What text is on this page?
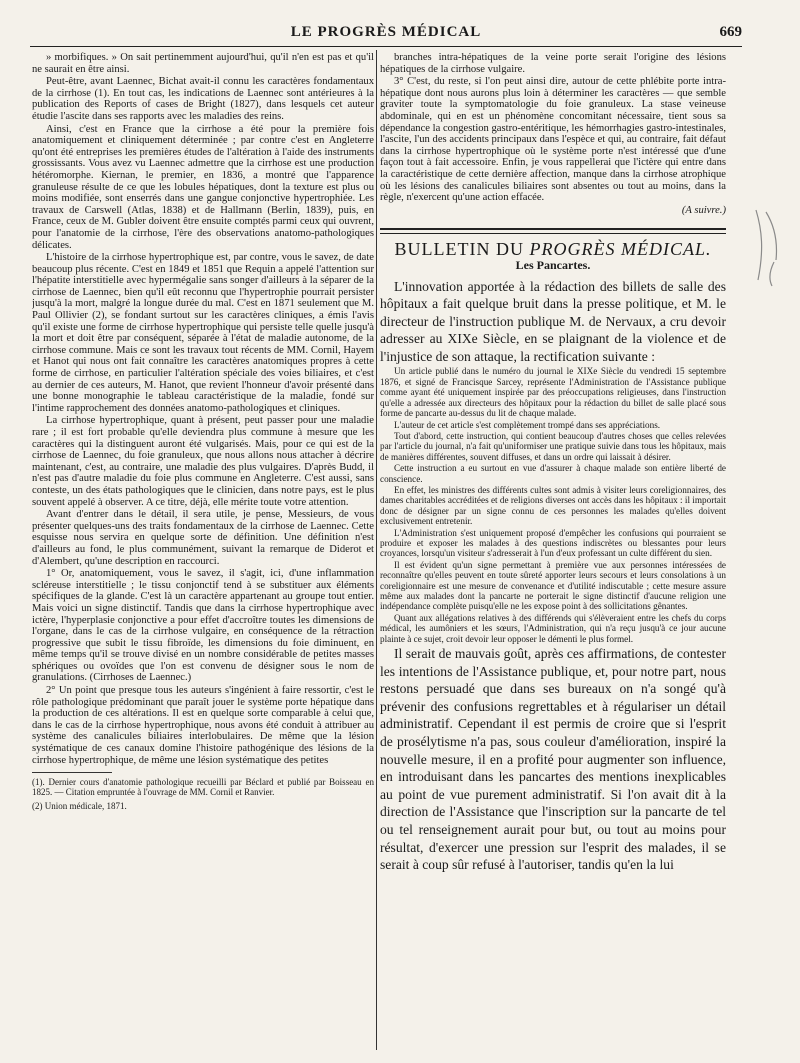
LE PROGRÈS MÉDICAL	669

» morbifiques. » On sait pertinemment aujourd'hui, qu'il n'en est pas et qu'il ne saurait en être ainsi.

Peut-être, avant Laennec, Bichat avait-il connu les caractères fondamentaux de la cirrhose (1). En tout cas, les indications de Laennec sont antérieures à la publication des Reports of cases de Bright (1827), dans lesquels cet auteur étudie l'ascite dans ses rapports avec les maladies des reins.

Ainsi, c'est en France que la cirrhose a été pour la première fois anatomiquement et cliniquement déterminée ; par contre c'est en Angleterre qu'ont été entreprises les premières études de l'altération à l'aide des instruments grossissants. Vous avez vu Laennec admettre que la cirrhose est une production hétéromorphe. Kiernan, le premier, en 1836, a montré que l'apparence granuleuse résulte de ce que les lobules hépatiques, dont la texture est plus ou moins modifiée, sont enserrés dans une gangue conjonctive hypertrophiée. Les travaux de Carswell (Atlas, 1838) et de Hallmann (Berlin, 1839), puis, en France, ceux de M. Gubler doivent être ensuite comptés parmi ceux qui ouvrent, pour l'anatomie de la cirrhose, l'ère des observations anatomo-pathologiques délicates.

L'histoire de la cirrhose hypertrophique est, par contre, vous le savez, de date beaucoup plus récente. C'est en 1849 et 1851 que Requin a appelé l'attention sur l'hépatite interstitielle avec hypermégalie sans songer d'ailleurs à la séparer de la cirrhose de Laennec, bien qu'il eût reconnu que l'hypertrophie pourrait persister jusqu'à la mort, malgré la longue durée du mal. C'est en 1871 seulement que M. Paul Ollivier (2), se fondant surtout sur les caractères cliniques, a émis l'avis qu'il existe une forme de cirrhose hypertrophique qui persiste telle quelle jusqu'à la mort et doit être par conséquent, séparée à l'état de maladie autonome, de la cirrhose commune. Mais ce sont les travaux tout récents de MM. Cornil, Hayem et Hanot qui nous ont fait connaître les caractères anatomiques propres à cette forme de cirrhose, en particulier l'altération spéciale des voies biliaires, et c'est au dernier de ces auteurs, M. Hanot, que revient l'honneur d'avoir présenté dans une bonne monographie le tableau caractéristique de la maladie, fondé sur l'intime rapprochement des données anatomo-pathologiques et cliniques.

La cirrhose hypertrophique, quant à présent, peut passer pour une maladie rare ; il est fort probable qu'elle deviendra plus commune à mesure que les caractères qui la distinguent auront été vulgarisés. Mais, pour ce qui est de la cirrhose de Laennec, du foie granuleux, que nous allons nous attacher à décrire maintenant, c'est, au contraire, une maladie des plus vulgaires. D'après Budd, il n'est pas d'autre maladie du foie plus commune en Angleterre. C'est aussi, sans conteste, un des états pathologiques que le clinicien, dans notre pays, est le plus souvent appelé à observer. A ce titre, déjà, elle mérite toute votre attention.

Avant d'entrer dans le détail, il sera utile, je pense, Messieurs, de vous présenter quelques-uns des traits fondamentaux de la cirrhose de Laennec. Cette esquisse nous servira en quelque sorte de définition. Une définition n'est d'ailleurs au fond, le plus communément, suivant la remarque de Diderot et d'Alembert, qu'une description en raccourci.

1° Or, anatomiquement, vous le savez, il s'agit, ici, d'une inflammation scléreuse interstitielle ; le tissu conjonctif tend à se substituer aux éléments spécifiques de la glande. C'est là un caractère appartenant au groupe tout entier. Mais voici un signe distinctif. Tandis que dans la cirrhose hypertrophique avec ictère, l'hyperplasie conjonctive a pour effet d'accroître toutes les dimensions de l'organe, dans le cas de la cirrhose vulgaire, en conséquence de la rétraction progressive que subit le tissu fibroïde, les dimensions du foie diminuent, en même temps qu'il se trouve divisé en un nombre considérable de petites masses sphériques ou ovoïdes que l'on est convenu de désigner sous le nom de granulations. (Cirrhoses de Laennec.)

2° Un point que presque tous les auteurs s'ingénient à faire ressortir, c'est le rôle pathologique prédominant que paraît jouer le système porte hépatique dans la production de ces altérations. Il est en quelque sorte comparable à celui que, dans le cas de la cirrhose hypertrophique, nous avons été conduit à attribuer au système des canalicules biliaires interlobulaires. De même que la lésion systématique de ces canaux domine l'histoire pathogénique des lésions de la cirrhose hypertrophique, de même une lésion systématique des petites

(1). Dernier cours d'anatomie pathologique recueilli par Béclard et publié par Boisseau en 1825. — Citation empruntée à l'ouvrage de MM. Cornil et Ranvier.
(2) Union médicale, 1871.

branches intra-hépatiques de la veine porte serait l'origine des lésions hépatiques de la cirrhose vulgaire.

3° C'est, du reste, si l'on peut ainsi dire, autour de cette phlébite porte intra-hépatique dont nous aurons plus loin à déterminer les caractères — que semble graviter toute la symptomatologie du foie granuleux. La stase veineuse abdominale, qui en est un phénomène concomitant nécessaire, tient sous sa dépendance la congestion gastro-entéritique, les hémorrhagies gastro-intestinales, l'ascite, l'un des accidents principaux dans l'espèce et qui, au contraire, fait défaut dans la cirrhose hypertrophique où le système porte n'est intéressé que d'une façon tout à fait accessoire. Enfin, je vous rappellerai que l'ictère qui entre dans la caractéristique de cette dernière affection, manque dans la cirrhose atrophique où les lésions des canalicules biliaires sont absentes ou tout au moins, dans la règle, n'exercent qu'une action effacée.

(A suivre.)
BULLETIN DU PROGRÈS MÉDICAL.
Les Pancartes.

L'innovation apportée à la rédaction des billets de salle des hôpitaux a fait quelque bruit dans la presse politique, et M. le directeur de l'instruction publique M. de Nervaux, a cru devoir adresser au XIXe Siècle, en se plaignant de la violence et de l'injustice de son attaque, la rectification suivante :

Un article publié dans le numéro du journal le XIXe Siècle du vendredi 15 septembre 1876, et signé de Francisque Sarcey, représente l'Administration de l'Assistance publique comme ayant été uniquement inspirée par des préoccupations religieuses, dans l'instruction qu'elle a adressée aux directeurs des hôpitaux pour la rédaction du billet de salle placé sous forme de pancarte au-dessus du lit de chaque malade.

L'auteur de cet article s'est complètement trompé dans ses appréciations.

Tout d'abord, cette instruction, qui contient beaucoup d'autres choses que celles relevées par l'article du journal, n'a fait qu'uniformiser une pratique suivie dans tous les hôpitaux, mais de manières différentes, souvent diffuses, et dans un ordre qui laissait à désirer.

Cette instruction a eu surtout en vue d'assurer à chaque malade son entière liberté de conscience.

En effet, les ministres des différents cultes sont admis à visiter leurs coreligionnaires, des dames charitables accréditées et de religions diverses ont accès dans les hôpitaux : il importait donc de désigner par un signe connu de ces personnes les malades qu'elles doivent exclusivement entretenir.

L'Administration s'est uniquement proposé d'empêcher les confusions qui pourraient se produire et exposer les malades à des questions indiscrètes ou blessantes pour leurs croyances, lorsqu'un visiteur s'adresserait à l'un d'eux professant un culte différent du sien.

Il est évident qu'un signe permettant à première vue aux personnes intéressées de reconnaître qu'elles peuvent en toute sûreté apporter leurs secours et leurs consolations à un coreligionnaire est une mesure de convenance et d'utilité indiscutable ; cette mesure assure même aux malades dont la pancarte ne porterait le signe distinctif d'aucune religion une indépendance complète puisqu'elle ne les expose point à des sollicitations gênantes.

Quant aux allégations relatives à des différends qui s'élèveraient entre les chefs du corps médical, les aumôniers et les sœurs, l'Administration, qui n'a reçu jusqu'à ce jour aucune plainte à ce sujet, croit devoir leur opposer le démenti le plus formel.

Il serait de mauvais goût, après ces affirmations, de contester les intentions de l'Assistance publique, et, pour notre part, nous restons persuadé que dans ses bureaux on n'a songé qu'à prévenir des confusions regrettables et à régulariser un détail administratif. Cependant il est permis de croire que si l'esprit de prosélytisme n'a pas, sous couleur d'amélioration, inspiré la nouvelle mesure, il en a profité pour augmenter son influence, en introduisant dans les pancartes des mentions inexplicables au point de vue purement administratif. Si l'on avait dit à la direction de l'Assistance que l'inscription sur la pancarte de tel ou tel renseignement aurait pour but, ou tout au moins pour résultat, d'exercer une pression sur l'esprit des malades, il se serait à coup sûr refusé à l'autoriser, tandis qu'en la lui
